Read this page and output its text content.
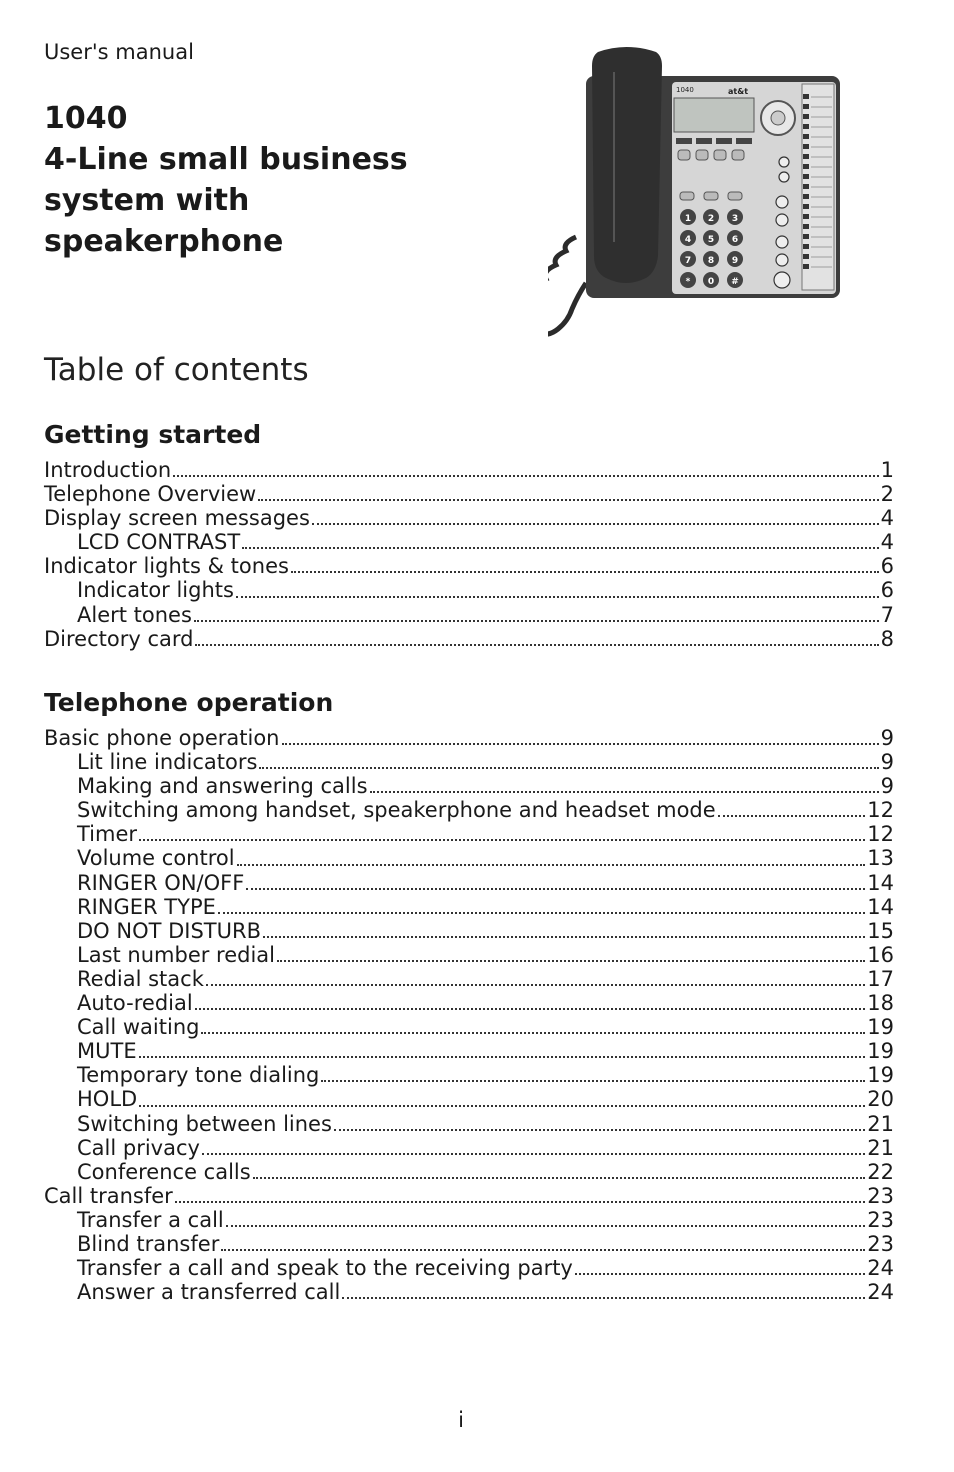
User's manual
1040
4-Line small business
system with
speakerphone
1040	at&t
1 2 3
4 5 6
7 8 9
* 0 #
Table of contents
Getting started
Introduction	1
Telephone Overview	2
Display screen messages	4
LCD CONTRAST	4
Indicator lights & tones	6
Indicator lights	6
Alert tones	7
Directory card	8
Telephone operation
Basic phone operation	9
Lit line indicators	9
Making and answering calls	9
Switching among handset, speakerphone and headset mode	12
Timer	12
Volume control	13
RINGER ON/OFF	14
RINGER TYPE	14
DO NOT DISTURB	15
Last number redial	16
Redial stack	17
Auto-redial	18
Call waiting	19
MUTE	19
Temporary tone dialing	19
HOLD	20
Switching between lines	21
Call privacy	21
Conference calls	22
Call transfer	23
Transfer a call	23
Blind transfer	23
Transfer a call and speak to the receiving party	24
Answer a transferred call	24
i
